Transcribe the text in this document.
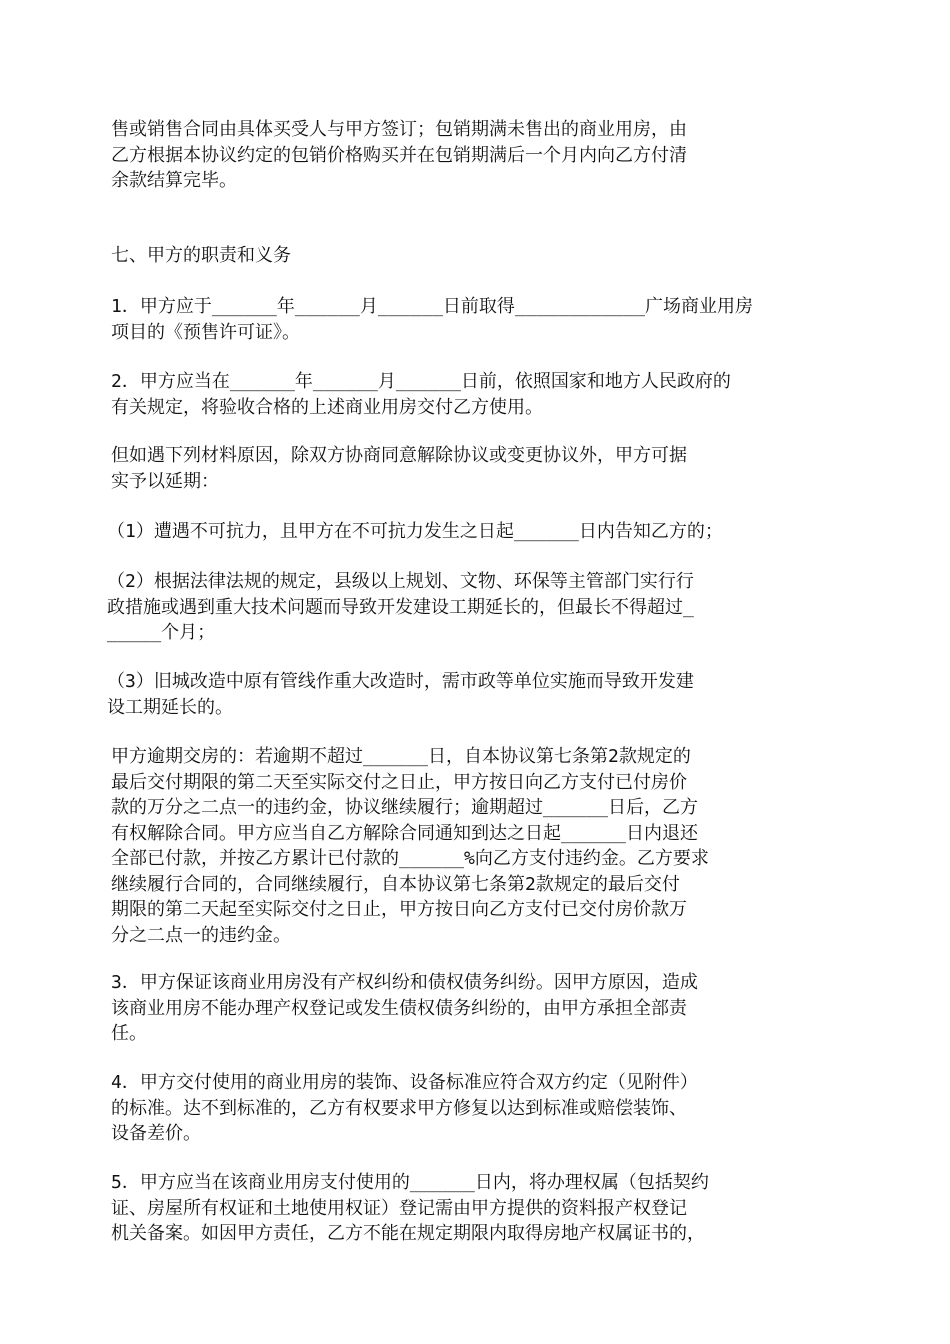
售或销售合同由具体买受人与甲方签订；包销期满未售出的商业用房，由
乙方根据本协议约定的包销价格购买并在包销期满后一个月内向乙方付清
余款结算完毕。
七、甲方的职责和义务
1．甲方应于______年______月______日前取得____________广场商业用房
项目的《预售许可证》。
2．甲方应当在______年______月______日前，依照国家和地方人民政府的
有关规定，将验收合格的上述商业用房交付乙方使用。
但如遇下列材料原因，除双方协商同意解除协议或变更协议外，甲方可据
实予以延期：
（1）遭遇不可抗力，且甲方在不可抗力发生之日起______日内告知乙方的；
（2）根据法律法规的规定，县级以上规划、文物、环保等主管部门实行行
政措施或遇到重大技术问题而导致开发建设工期延长的，但最长不得超过_
_____个月；
（3）旧城改造中原有管线作重大改造时，需市政等单位实施而导致开发建
设工期延长的。
甲方逾期交房的：若逾期不超过______日，自本协议第七条第2款规定的
最后交付期限的第二天至实际交付之日止，甲方按日向乙方支付已付房价
款的万分之二点一的违约金，协议继续履行；逾期超过______日后，乙方
有权解除合同。甲方应当自乙方解除合同通知到达之日起______日内退还
全部已付款，并按乙方累计已付款的______%向乙方支付违约金。乙方要求
继续履行合同的，合同继续履行，自本协议第七条第2款规定的最后交付
期限的第二天起至实际交付之日止，甲方按日向乙方支付已交付房价款万
分之二点一的违约金。
3．甲方保证该商业用房没有产权纠纷和债权债务纠纷。因甲方原因，造成
该商业用房不能办理产权登记或发生债权债务纠纷的，由甲方承担全部责
任。
4．甲方交付使用的商业用房的装饰、设备标准应符合双方约定（见附件）
的标准。达不到标准的，乙方有权要求甲方修复以达到标准或赔偿装饰、
设备差价。
5．甲方应当在该商业用房支付使用的______日内，将办理权属（包括契约
证、房屋所有权证和土地使用权证）登记需由甲方提供的资料报产权登记
机关备案。如因甲方责任，乙方不能在规定期限内取得房地产权属证书的，
